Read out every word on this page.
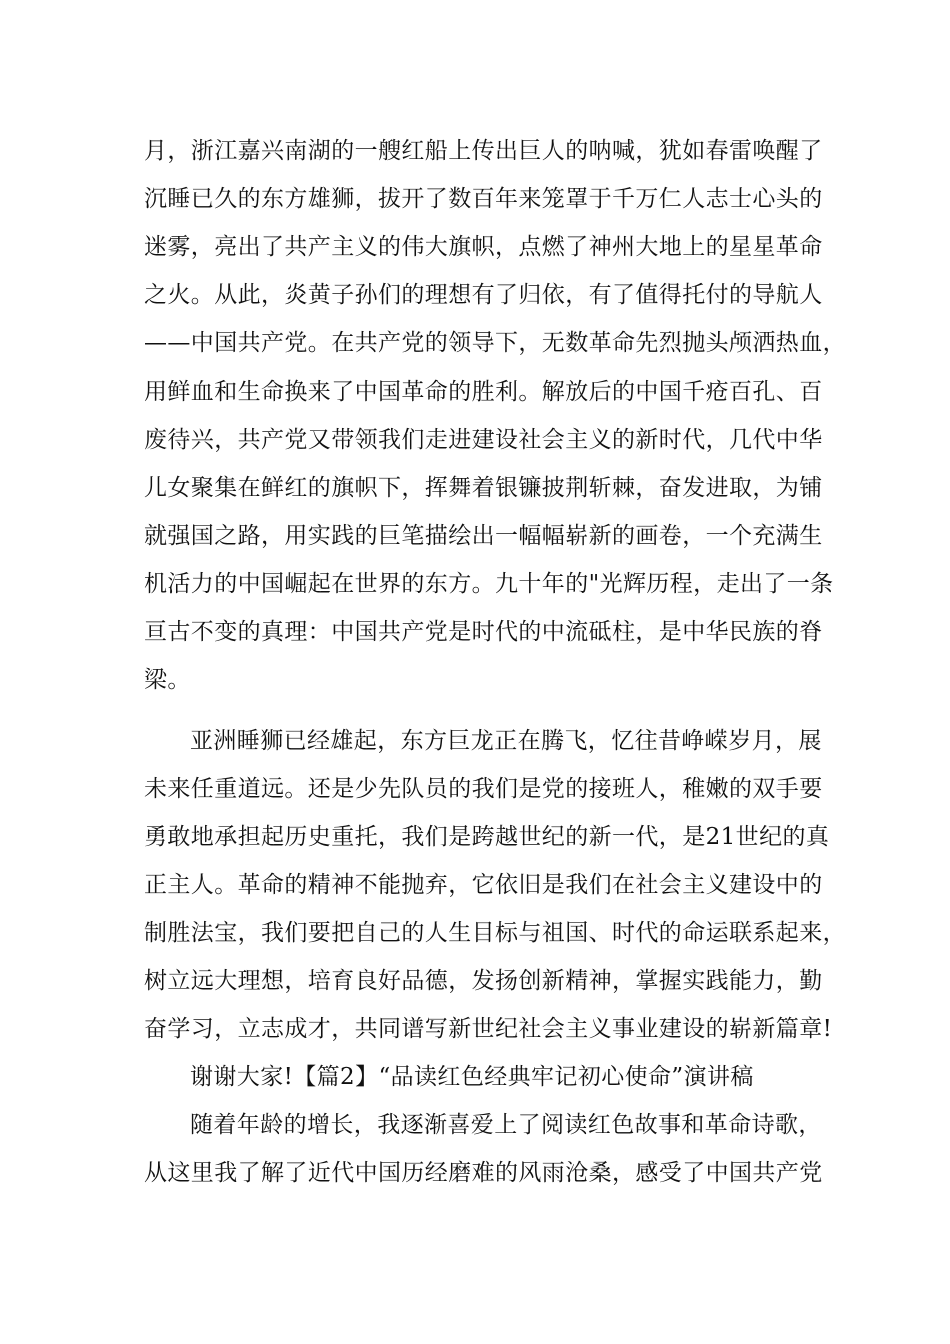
月，浙江嘉兴南湖的一艘红船上传出巨人的呐喊，犹如春雷唤醒了
沉睡已久的东方雄狮，拔开了数百年来笼罩于千万仁人志士心头的
迷雾，亮出了共产主义的伟大旗帜，点燃了神州大地上的星星革命
之火。从此，炎黄子孙们的理想有了归依，有了值得托付的导航人
——中国共产党。在共产党的领导下，无数革命先烈抛头颅洒热血，
用鲜血和生命换来了中国革命的胜利。解放后的中国千疮百孔、百
废待兴，共产党又带领我们走进建设社会主义的新时代，几代中华
儿女聚集在鲜红的旗帜下，挥舞着银镰披荆斩棘，奋发进取，为铺
就强国之路，用实践的巨笔描绘出一幅幅崭新的画卷，一个充满生
机活力的中国崛起在世界的东方。九十年的"光辉历程，走出了一条
亘古不变的真理：中国共产党是时代的中流砥柱，是中华民族的脊
梁。
亚洲睡狮已经雄起，东方巨龙正在腾飞，忆往昔峥嵘岁月，展
未来任重道远。还是少先队员的我们是党的接班人，稚嫩的双手要
勇敢地承担起历史重托，我们是跨越世纪的新一代，是21世纪的真
正主人。革命的精神不能抛弃，它依旧是我们在社会主义建设中的
制胜法宝，我们要把自己的人生目标与祖国、时代的命运联系起来，
树立远大理想，培育良好品德，发扬创新精神，掌握实践能力，勤
奋学习，立志成才，共同谱写新世纪社会主义事业建设的崭新篇章!
谢谢大家!【篇2】“品读红色经典牢记初心使命”演讲稿
随着年龄的增长，我逐渐喜爱上了阅读红色故事和革命诗歌，
从这里我了解了近代中国历经磨难的风雨沧桑，感受了中国共产党
